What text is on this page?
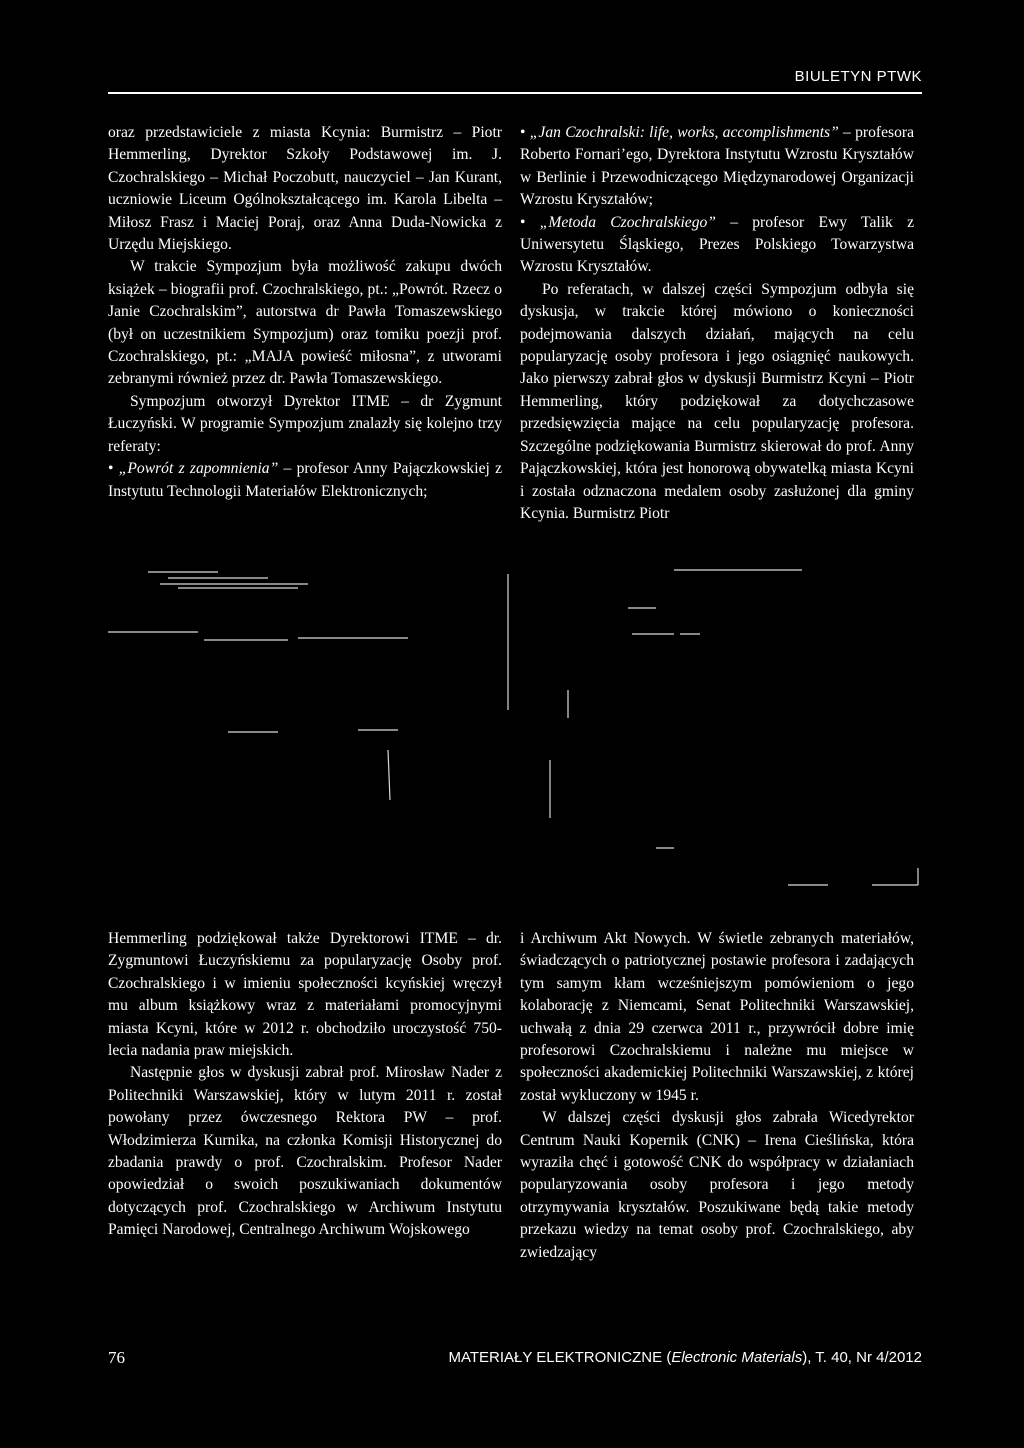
BIULETYN PTWK

oraz przedstawiciele z miasta Kcynia: Burmistrz – Piotr Hemmerling, Dyrektor Szkoły Podstawowej im. J. Czochralskiego – Michał Poczobutt, nauczyciel – Jan Kurant, uczniowie Liceum Ogólnokształcącego im. Karola Libelta – Miłosz Frasz i Maciej Poraj, oraz Anna Duda-Nowicka z Urzędu Miejskiego.

W trakcie Sympozjum była możliwość zakupu dwóch książek – biografii prof. Czochralskiego, pt.: „Powrót. Rzecz o Janie Czochralskim”, autorstwa dr Pawła Tomaszewskiego (był on uczestnikiem Sympozjum) oraz tomiku poezji prof. Czochralskiego, pt.: „MAJA powieść miłosna”, z utworami zebranymi również przez dr. Pawła Tomaszewskiego.

Sympozjum otworzył Dyrektor ITME – dr Zygmunt Łuczyński. W programie Sympozjum znalazły się kolejno trzy referaty:

• „Powrót z zapomnienia” – profesor Anny Pajączkowskiej z Instytutu Technologii Materiałów Elektronicznych;

• „Jan Czochralski: life, works, accomplishments” – profesora Roberto Fornari’ego, Dyrektora Instytutu Wzrostu Kryształów w Berlinie i Przewodniczącego Międzynarodowej Organizacji Wzrostu Kryształów;

• „Metoda Czochralskiego” – profesor Ewy Talik z Uniwersytetu Śląskiego, Prezes Polskiego Towarzystwa Wzrostu Kryształów.

Po referatach, w dalszej części Sympozjum odbyła się dyskusja, w trakcie której mówiono o konieczności podejmowania dalszych działań, mających na celu popularyzację osoby profesora i jego osiągnięć naukowych. Jako pierwszy zabrał głos w dyskusji Burmistrz Kcyni – Piotr Hemmerling, który podziękował za dotychczasowe przedsięwzięcia mające na celu popularyzację profesora. Szczególne podziękowania Burmistrz skierował do prof. Anny Pajączkowskiej, która jest honorową obywatelką miasta Kcyni i została odznaczona medalem osoby zasłużonej dla gminy Kcynia. Burmistrz Piotr

Hemmerling podziękował także Dyrektorowi ITME – dr. Zygmuntowi Łuczyńskiemu za popularyzację Osoby prof. Czochralskiego i w imieniu społeczności kcyńskiej wręczył mu album książkowy wraz z materiałami promocyjnymi miasta Kcyni, które w 2012 r. obchodziło uroczystość 750-lecia nadania praw miejskich.

Następnie głos w dyskusji zabrał prof. Mirosław Nader z Politechniki Warszawskiej, który w lutym 2011 r. został powołany przez ówczesnego Rektora PW – prof. Włodzimierza Kurnika, na członka Komisji Historycznej do zbadania prawdy o prof. Czochralskim. Profesor Nader opowiedział o swoich poszukiwaniach dokumentów dotyczących prof. Czochralskiego w Archiwum Instytutu Pamięci Narodowej, Centralnego Archiwum Wojskowego

i Archiwum Akt Nowych. W świetle zebranych materiałów, świadczących o patriotycznej postawie profesora i zadających tym samym kłam wcześniejszym pomówieniom o jego kolaborację z Niemcami, Senat Politechniki Warszawskiej, uchwałą z dnia 29 czerwca 2011 r., przywrócił dobre imię profesorowi Czochralskiemu i należne mu miejsce w społeczności akademickiej Politechniki Warszawskiej, z której został wykluczony w 1945 r.

W dalszej części dyskusji głos zabrała Wicedyrektor Centrum Nauki Kopernik (CNK) – Irena Cieślińska, która wyraziła chęć i gotowość CNK do współpracy w działaniach popularyzowania osoby profesora i jego metody otrzymywania kryształów. Poszukiwane będą takie metody przekazu wiedzy na temat osoby prof. Czochralskiego, aby zwiedzający

76	MATERIAŁY ELEKTRONICZNE (Electronic Materials), T. 40, Nr 4/2012
